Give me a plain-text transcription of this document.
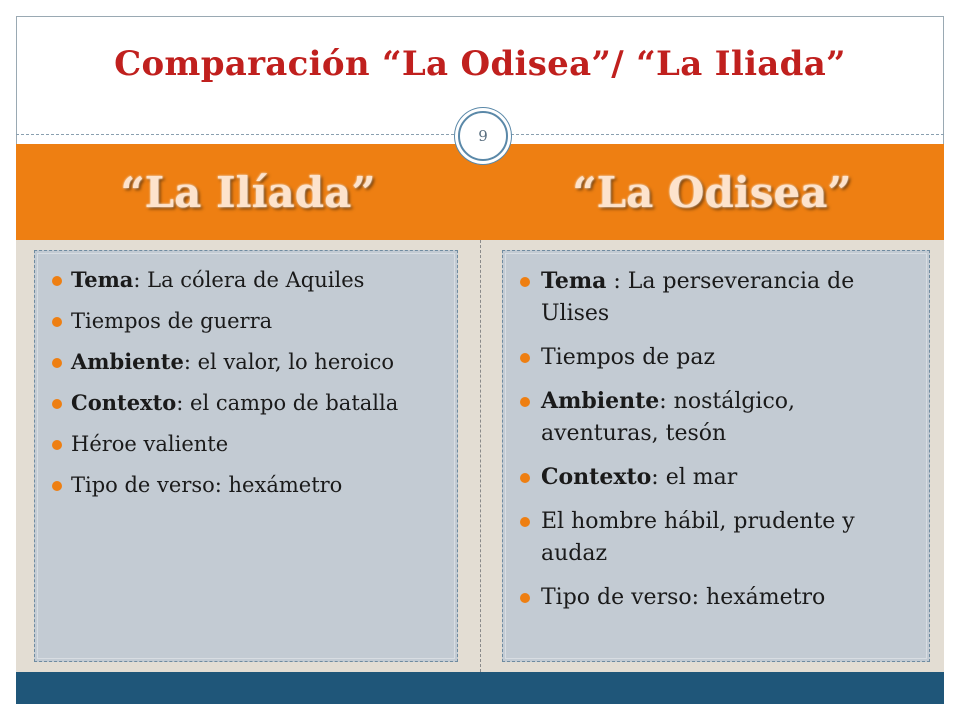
Comparación “La Odisea”/ “La Iliada”
“La Ilíada”	“La Odisea”
9
Tema: La cólera de Aquiles
Tiempos de guerra
Ambiente: el valor, lo heroico
Contexto: el campo de batalla
Héroe valiente
Tipo de verso: hexámetro
Tema : La perseverancia de Ulises
Tiempos de paz
Ambiente: nostálgico, aventuras, tesón
Contexto: el mar
El hombre hábil, prudente y audaz
Tipo de verso: hexámetro
